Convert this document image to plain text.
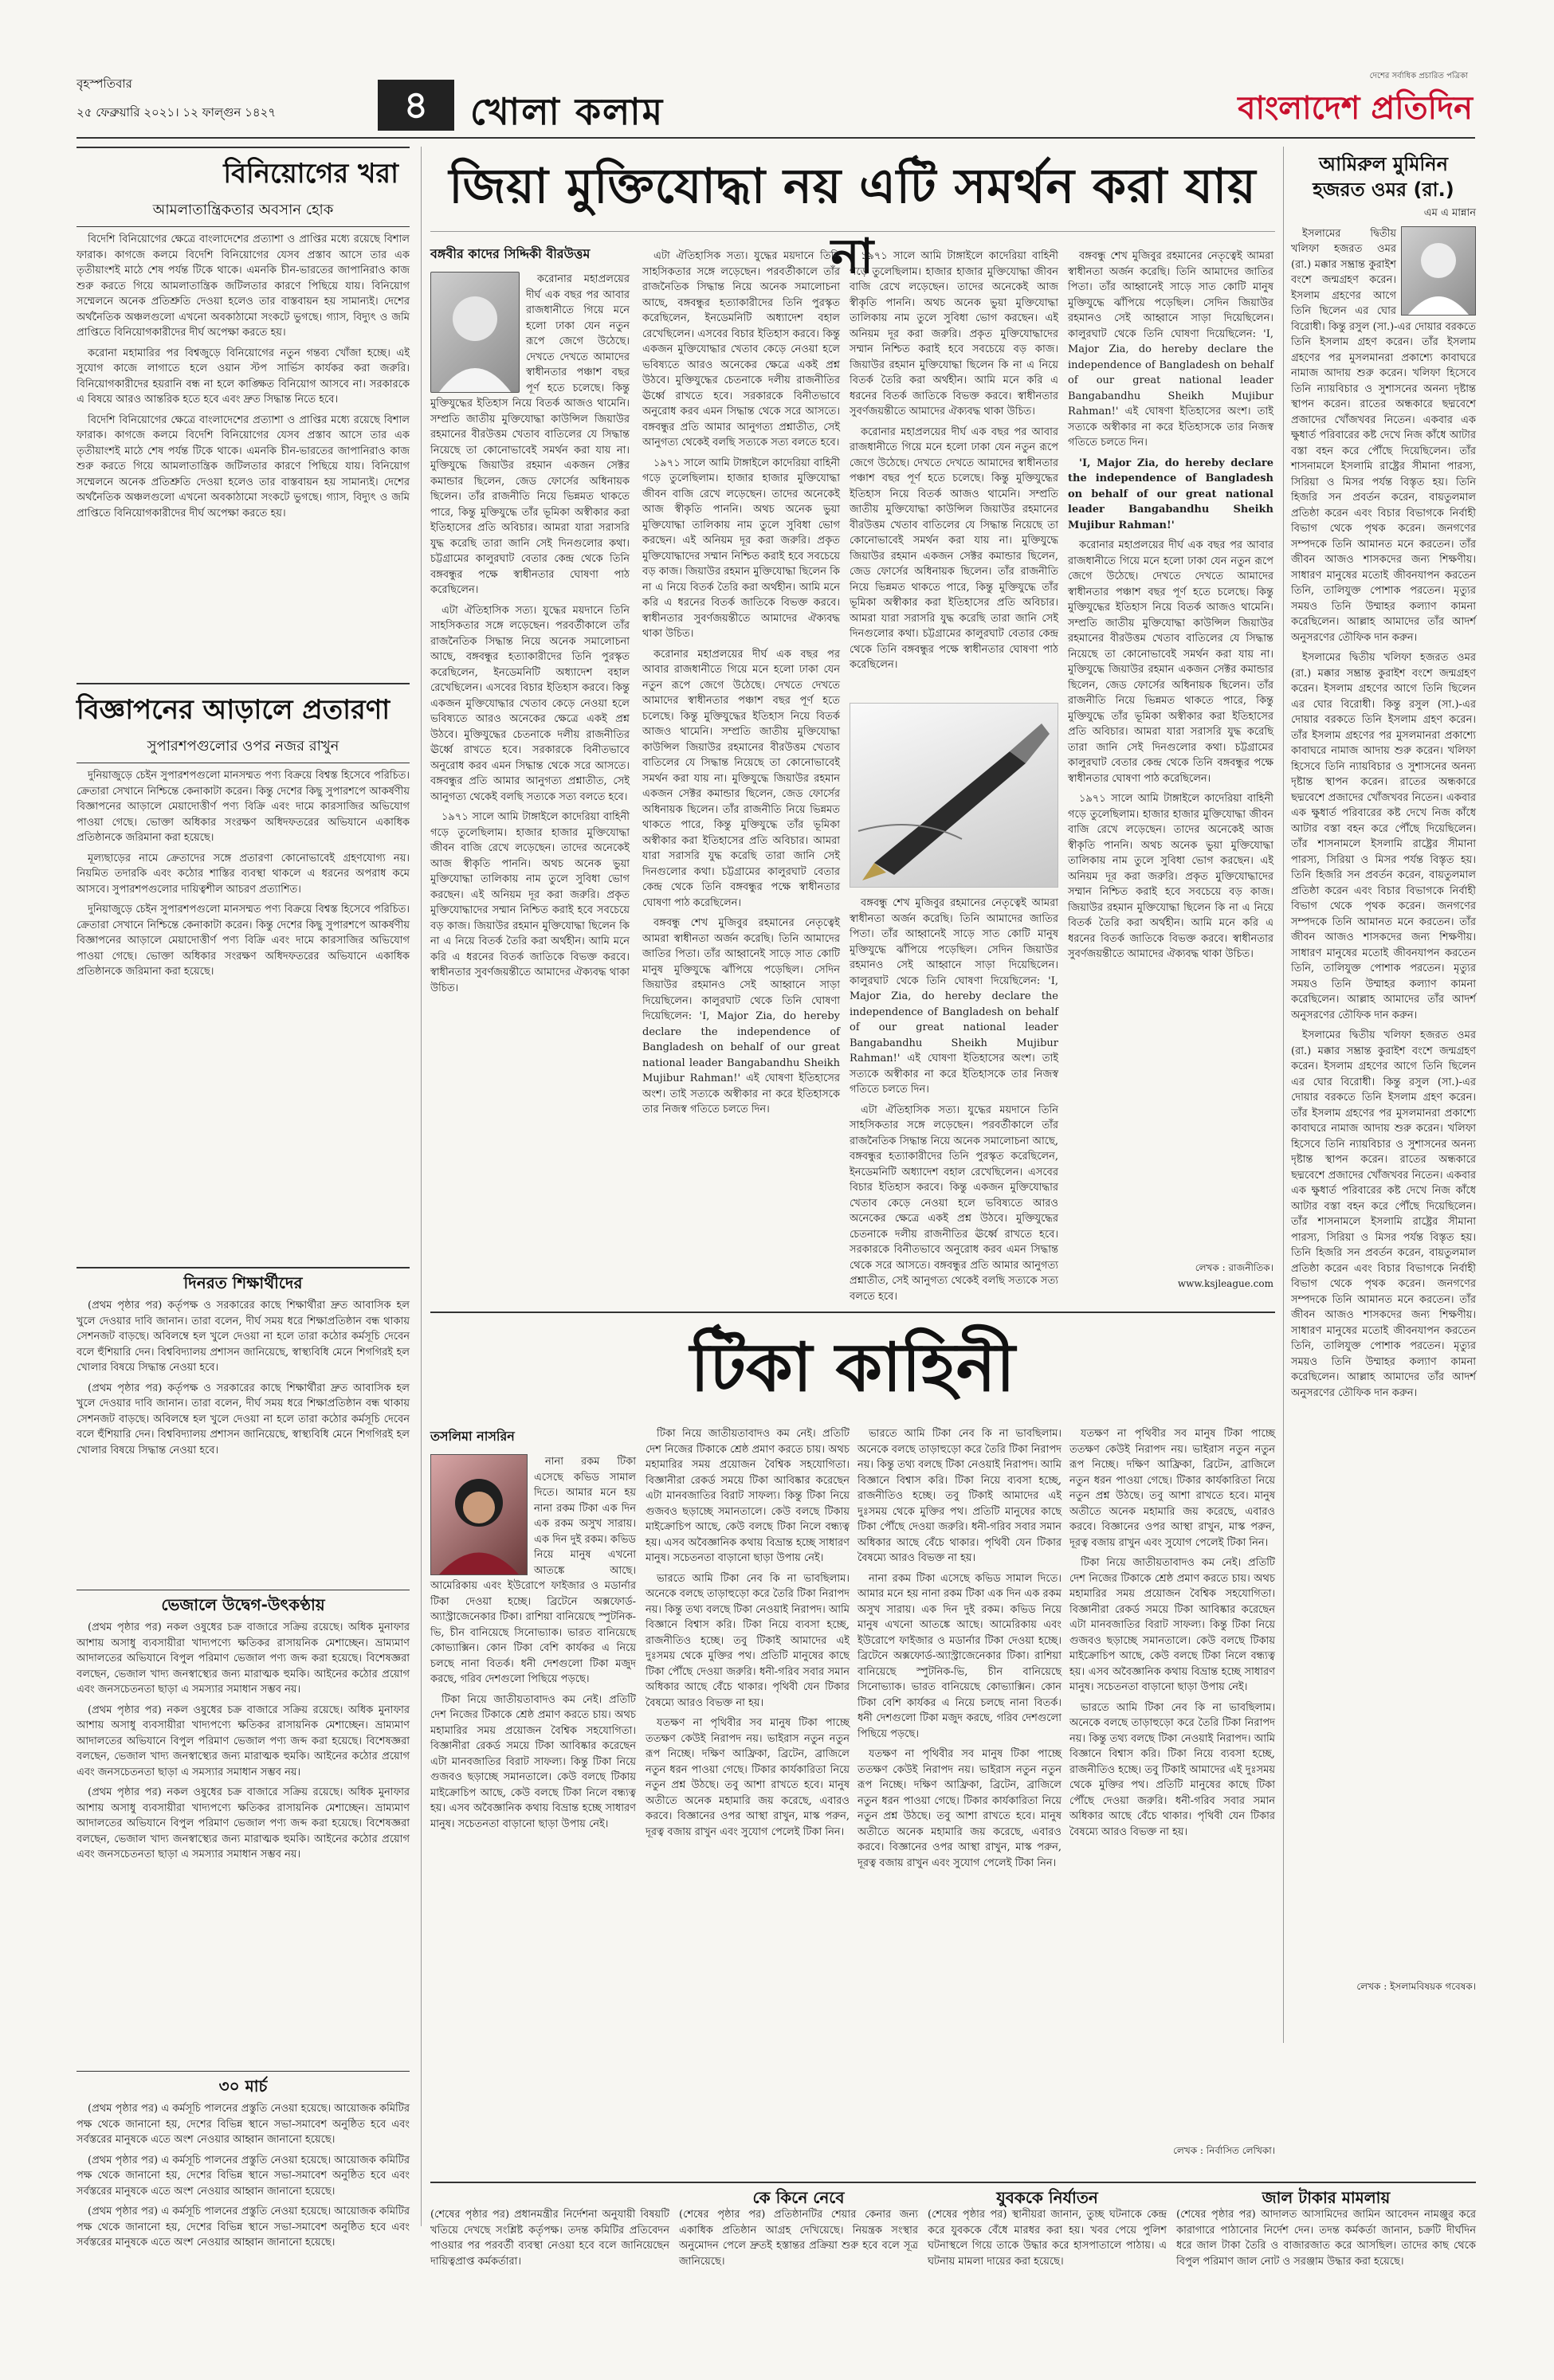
বৃহস্পতিবার
২৫ ফেব্রুয়ারি ২০২১। ১২ ফাল্গুন ১৪২৭	৪	খোলা কলাম
দেশের সর্বাধিক প্রচারিত পত্রিকা
বাংলাদেশ প্রতিদিন
বিনিয়োগের খরা
আমলাতান্ত্রিকতার অবসান হোক

বিদেশি বিনিয়োগের ক্ষেত্রে বাংলাদেশের প্রত্যাশা ও প্রাপ্তির মধ্যে রয়েছে বিশাল ফারাক। কাগজে কলমে বিদেশি বিনিয়োগের যেসব প্রস্তাব আসে তার এক তৃতীয়াংশই মাঠে শেষ পর্যন্ত টিকে থাকে। এমনকি চীন-ভারতের জাপানিরাও কাজ শুরু করতে গিয়ে আমলাতান্ত্রিক জটিলতার কারণে পিছিয়ে যায়। বিনিয়োগ সম্মেলনে অনেক প্রতিশ্রুতি দেওয়া হলেও তার বাস্তবায়ন হয় সামান্যই। দেশের অর্থনৈতিক অঞ্চলগুলো এখনো অবকাঠামো সংকটে ভুগছে। গ্যাস, বিদ্যুৎ ও জমি প্রাপ্তিতে বিনিয়োগকারীদের দীর্ঘ অপেক্ষা করতে হয়।

করোনা মহামারির পর বিশ্বজুড়ে বিনিয়োগের নতুন গন্তব্য খোঁজা হচ্ছে। এই সুযোগ কাজে লাগাতে হলে ওয়ান স্টপ সার্ভিস কার্যকর করা জরুরি। বিনিয়োগকারীদের হয়রানি বন্ধ না হলে কাঙ্ক্ষিত বিনিয়োগ আসবে না। সরকারকে এ বিষয়ে আরও আন্তরিক হতে হবে এবং দ্রুত সিদ্ধান্ত নিতে হবে।

বিদেশি বিনিয়োগের ক্ষেত্রে বাংলাদেশের প্রত্যাশা ও প্রাপ্তির মধ্যে রয়েছে বিশাল ফারাক। কাগজে কলমে বিদেশি বিনিয়োগের যেসব প্রস্তাব আসে তার এক তৃতীয়াংশই মাঠে শেষ পর্যন্ত টিকে থাকে। এমনকি চীন-ভারতের জাপানিরাও কাজ শুরু করতে গিয়ে আমলাতান্ত্রিক জটিলতার কারণে পিছিয়ে যায়। বিনিয়োগ সম্মেলনে অনেক প্রতিশ্রুতি দেওয়া হলেও তার বাস্তবায়ন হয় সামান্যই। দেশের অর্থনৈতিক অঞ্চলগুলো এখনো অবকাঠামো সংকটে ভুগছে। গ্যাস, বিদ্যুৎ ও জমি প্রাপ্তিতে বিনিয়োগকারীদের দীর্ঘ অপেক্ষা করতে হয়।

বিজ্ঞাপনের আড়ালে প্রতারণা
সুপারশপগুলোর ওপর নজর রাখুন

দুনিয়াজুড়ে চেইন সুপারশপগুলো মানসম্মত পণ্য বিক্রয়ে বিশ্বস্ত হিসেবে পরিচিত। ক্রেতারা সেখানে নিশ্চিন্তে কেনাকাটা করেন। কিন্তু দেশের কিছু সুপারশপে আকর্ষণীয় বিজ্ঞাপনের আড়ালে মেয়াদোত্তীর্ণ পণ্য বিক্রি এবং দামে কারসাজির অভিযোগ পাওয়া গেছে। ভোক্তা অধিকার সংরক্ষণ অধিদফতরের অভিযানে একাধিক প্রতিষ্ঠানকে জরিমানা করা হয়েছে।

মূল্যছাড়ের নামে ক্রেতাদের সঙ্গে প্রতারণা কোনোভাবেই গ্রহণযোগ্য নয়। নিয়মিত তদারকি এবং কঠোর শাস্তির ব্যবস্থা থাকলে এ ধরনের অপরাধ কমে আসবে। সুপারশপগুলোর দায়িত্বশীল আচরণ প্রত্যাশিত।

দুনিয়াজুড়ে চেইন সুপারশপগুলো মানসম্মত পণ্য বিক্রয়ে বিশ্বস্ত হিসেবে পরিচিত। ক্রেতারা সেখানে নিশ্চিন্তে কেনাকাটা করেন। কিন্তু দেশের কিছু সুপারশপে আকর্ষণীয় বিজ্ঞাপনের আড়ালে মেয়াদোত্তীর্ণ পণ্য বিক্রি এবং দামে কারসাজির অভিযোগ পাওয়া গেছে। ভোক্তা অধিকার সংরক্ষণ অধিদফতরের অভিযানে একাধিক প্রতিষ্ঠানকে জরিমানা করা হয়েছে।

দিনরত শিক্ষার্থীদের

(প্রথম পৃষ্ঠার পর) কর্তৃপক্ষ ও সরকারের কাছে শিক্ষার্থীরা দ্রুত আবাসিক হল খুলে দেওয়ার দাবি জানান। তারা বলেন, দীর্ঘ সময় ধরে শিক্ষাপ্রতিষ্ঠান বন্ধ থাকায় সেশনজট বাড়ছে। অবিলম্বে হল খুলে দেওয়া না হলে তারা কঠোর কর্মসূচি দেবেন বলে হুঁশিয়ারি দেন। বিশ্ববিদ্যালয় প্রশাসন জানিয়েছে, স্বাস্থ্যবিধি মেনে শিগগিরই হল খোলার বিষয়ে সিদ্ধান্ত নেওয়া হবে।

(প্রথম পৃষ্ঠার পর) কর্তৃপক্ষ ও সরকারের কাছে শিক্ষার্থীরা দ্রুত আবাসিক হল খুলে দেওয়ার দাবি জানান। তারা বলেন, দীর্ঘ সময় ধরে শিক্ষাপ্রতিষ্ঠান বন্ধ থাকায় সেশনজট বাড়ছে। অবিলম্বে হল খুলে দেওয়া না হলে তারা কঠোর কর্মসূচি দেবেন বলে হুঁশিয়ারি দেন। বিশ্ববিদ্যালয় প্রশাসন জানিয়েছে, স্বাস্থ্যবিধি মেনে শিগগিরই হল খোলার বিষয়ে সিদ্ধান্ত নেওয়া হবে।

ভেজালে উদ্বেগ-উৎকণ্ঠায়

(প্রথম পৃষ্ঠার পর) নকল ওষুধের চক্র বাজারে সক্রিয় রয়েছে। অধিক মুনাফার আশায় অসাধু ব্যবসায়ীরা খাদ্যপণ্যে ক্ষতিকর রাসায়নিক মেশাচ্ছেন। ভ্রাম্যমাণ আদালতের অভিযানে বিপুল পরিমাণ ভেজাল পণ্য জব্দ করা হয়েছে। বিশেষজ্ঞরা বলছেন, ভেজাল খাদ্য জনস্বাস্থ্যের জন্য মারাত্মক হুমকি। আইনের কঠোর প্রয়োগ এবং জনসচেতনতা ছাড়া এ সমস্যার সমাধান সম্ভব নয়।

(প্রথম পৃষ্ঠার পর) নকল ওষুধের চক্র বাজারে সক্রিয় রয়েছে। অধিক মুনাফার আশায় অসাধু ব্যবসায়ীরা খাদ্যপণ্যে ক্ষতিকর রাসায়নিক মেশাচ্ছেন। ভ্রাম্যমাণ আদালতের অভিযানে বিপুল পরিমাণ ভেজাল পণ্য জব্দ করা হয়েছে। বিশেষজ্ঞরা বলছেন, ভেজাল খাদ্য জনস্বাস্থ্যের জন্য মারাত্মক হুমকি। আইনের কঠোর প্রয়োগ এবং জনসচেতনতা ছাড়া এ সমস্যার সমাধান সম্ভব নয়।

(প্রথম পৃষ্ঠার পর) নকল ওষুধের চক্র বাজারে সক্রিয় রয়েছে। অধিক মুনাফার আশায় অসাধু ব্যবসায়ীরা খাদ্যপণ্যে ক্ষতিকর রাসায়নিক মেশাচ্ছেন। ভ্রাম্যমাণ আদালতের অভিযানে বিপুল পরিমাণ ভেজাল পণ্য জব্দ করা হয়েছে। বিশেষজ্ঞরা বলছেন, ভেজাল খাদ্য জনস্বাস্থ্যের জন্য মারাত্মক হুমকি। আইনের কঠোর প্রয়োগ এবং জনসচেতনতা ছাড়া এ সমস্যার সমাধান সম্ভব নয়।

৩০ মার্চ

(প্রথম পৃষ্ঠার পর) এ কর্মসূচি পালনের প্রস্তুতি নেওয়া হয়েছে। আয়োজক কমিটির পক্ষ থেকে জানানো হয়, দেশের বিভিন্ন স্থানে সভা-সমাবেশ অনুষ্ঠিত হবে এবং সর্বস্তরের মানুষকে এতে অংশ নেওয়ার আহ্বান জানানো হয়েছে।

(প্রথম পৃষ্ঠার পর) এ কর্মসূচি পালনের প্রস্তুতি নেওয়া হয়েছে। আয়োজক কমিটির পক্ষ থেকে জানানো হয়, দেশের বিভিন্ন স্থানে সভা-সমাবেশ অনুষ্ঠিত হবে এবং সর্বস্তরের মানুষকে এতে অংশ নেওয়ার আহ্বান জানানো হয়েছে।

(প্রথম পৃষ্ঠার পর) এ কর্মসূচি পালনের প্রস্তুতি নেওয়া হয়েছে। আয়োজক কমিটির পক্ষ থেকে জানানো হয়, দেশের বিভিন্ন স্থানে সভা-সমাবেশ অনুষ্ঠিত হবে এবং সর্বস্তরের মানুষকে এতে অংশ নেওয়ার আহ্বান জানানো হয়েছে।

জিয়া মুক্তিযোদ্ধা নয় এটি সমর্থন করা যায় না
বঙ্গবীর কাদের সিদ্দিকী বীরউত্তম

করোনার মহাপ্রলয়ের দীর্ঘ এক বছর পর আবার রাজধানীতে গিয়ে মনে হলো ঢাকা যেন নতুন রূপে জেগে উঠেছে। দেখতে দেখতে আমাদের স্বাধীনতার পঞ্চাশ বছর পূর্ণ হতে চলেছে। কিন্তু মুক্তিযুদ্ধের ইতিহাস নিয়ে বিতর্ক আজও থামেনি। সম্প্রতি জাতীয় মুক্তিযোদ্ধা কাউন্সিল জিয়াউর রহমানের বীরউত্তম খেতাব বাতিলের যে সিদ্ধান্ত নিয়েছে তা কোনোভাবেই সমর্থন করা যায় না। মুক্তিযুদ্ধে জিয়াউর রহমান একজন সেক্টর কমান্ডার ছিলেন, জেড ফোর্সের অধিনায়ক ছিলেন। তাঁর রাজনীতি নিয়ে ভিন্নমত থাকতে পারে, কিন্তু মুক্তিযুদ্ধে তাঁর ভূমিকা অস্বীকার করা ইতিহাসের প্রতি অবিচার। আমরা যারা সরাসরি যুদ্ধ করেছি তারা জানি সেই দিনগুলোর কথা। চট্টগ্রামের কালুরঘাট বেতার কেন্দ্র থেকে তিনি বঙ্গবন্ধুর পক্ষে স্বাধীনতার ঘোষণা পাঠ করেছিলেন।

এটা ঐতিহাসিক সত্য। যুদ্ধের ময়দানে তিনি সাহসিকতার সঙ্গে লড়েছেন। পরবর্তীকালে তাঁর রাজনৈতিক সিদ্ধান্ত নিয়ে অনেক সমালোচনা আছে, বঙ্গবন্ধুর হত্যাকারীদের তিনি পুরস্কৃত করেছিলেন, ইনডেমনিটি অধ্যাদেশ বহাল রেখেছিলেন। এসবের বিচার ইতিহাস করবে। কিন্তু একজন মুক্তিযোদ্ধার খেতাব কেড়ে নেওয়া হলে ভবিষ্যতে আরও অনেকের ক্ষেত্রে একই প্রশ্ন উঠবে। মুক্তিযুদ্ধের চেতনাকে দলীয় রাজনীতির ঊর্ধ্বে রাখতে হবে। সরকারকে বিনীতভাবে অনুরোধ করব এমন সিদ্ধান্ত থেকে সরে আসতে। বঙ্গবন্ধুর প্রতি আমার আনুগত্য প্রশ্নাতীত, সেই আনুগত্য থেকেই বলছি সত্যকে সত্য বলতে হবে।

১৯৭১ সালে আমি টাঙ্গাইলে কাদেরিয়া বাহিনী গড়ে তুলেছিলাম। হাজার হাজার মুক্তিযোদ্ধা জীবন বাজি রেখে লড়েছেন। তাদের অনেকেই আজ স্বীকৃতি পাননি। অথচ অনেক ভুয়া মুক্তিযোদ্ধা তালিকায় নাম তুলে সুবিধা ভোগ করছেন। এই অনিয়ম দূর করা জরুরি। প্রকৃত মুক্তিযোদ্ধাদের সম্মান নিশ্চিত করাই হবে সবচেয়ে বড় কাজ। জিয়াউর রহমান মুক্তিযোদ্ধা ছিলেন কি না এ নিয়ে বিতর্ক তৈরি করা অর্থহীন। আমি মনে করি এ ধরনের বিতর্ক জাতিকে বিভক্ত করবে। স্বাধীনতার সুবর্ণজয়ন্তীতে আমাদের ঐক্যবদ্ধ থাকা উচিত।

এটা ঐতিহাসিক সত্য। যুদ্ধের ময়দানে তিনি সাহসিকতার সঙ্গে লড়েছেন। পরবর্তীকালে তাঁর রাজনৈতিক সিদ্ধান্ত নিয়ে অনেক সমালোচনা আছে, বঙ্গবন্ধুর হত্যাকারীদের তিনি পুরস্কৃত করেছিলেন, ইনডেমনিটি অধ্যাদেশ বহাল রেখেছিলেন। এসবের বিচার ইতিহাস করবে। কিন্তু একজন মুক্তিযোদ্ধার খেতাব কেড়ে নেওয়া হলে ভবিষ্যতে আরও অনেকের ক্ষেত্রে একই প্রশ্ন উঠবে। মুক্তিযুদ্ধের চেতনাকে দলীয় রাজনীতির ঊর্ধ্বে রাখতে হবে। সরকারকে বিনীতভাবে অনুরোধ করব এমন সিদ্ধান্ত থেকে সরে আসতে। বঙ্গবন্ধুর প্রতি আমার আনুগত্য প্রশ্নাতীত, সেই আনুগত্য থেকেই বলছি সত্যকে সত্য বলতে হবে।

১৯৭১ সালে আমি টাঙ্গাইলে কাদেরিয়া বাহিনী গড়ে তুলেছিলাম। হাজার হাজার মুক্তিযোদ্ধা জীবন বাজি রেখে লড়েছেন। তাদের অনেকেই আজ স্বীকৃতি পাননি। অথচ অনেক ভুয়া মুক্তিযোদ্ধা তালিকায় নাম তুলে সুবিধা ভোগ করছেন। এই অনিয়ম দূর করা জরুরি। প্রকৃত মুক্তিযোদ্ধাদের সম্মান নিশ্চিত করাই হবে সবচেয়ে বড় কাজ। জিয়াউর রহমান মুক্তিযোদ্ধা ছিলেন কি না এ নিয়ে বিতর্ক তৈরি করা অর্থহীন। আমি মনে করি এ ধরনের বিতর্ক জাতিকে বিভক্ত করবে। স্বাধীনতার সুবর্ণজয়ন্তীতে আমাদের ঐক্যবদ্ধ থাকা উচিত।

করোনার মহাপ্রলয়ের দীর্ঘ এক বছর পর আবার রাজধানীতে গিয়ে মনে হলো ঢাকা যেন নতুন রূপে জেগে উঠেছে। দেখতে দেখতে আমাদের স্বাধীনতার পঞ্চাশ বছর পূর্ণ হতে চলেছে। কিন্তু মুক্তিযুদ্ধের ইতিহাস নিয়ে বিতর্ক আজও থামেনি। সম্প্রতি জাতীয় মুক্তিযোদ্ধা কাউন্সিল জিয়াউর রহমানের বীরউত্তম খেতাব বাতিলের যে সিদ্ধান্ত নিয়েছে তা কোনোভাবেই সমর্থন করা যায় না। মুক্তিযুদ্ধে জিয়াউর রহমান একজন সেক্টর কমান্ডার ছিলেন, জেড ফোর্সের অধিনায়ক ছিলেন। তাঁর রাজনীতি নিয়ে ভিন্নমত থাকতে পারে, কিন্তু মুক্তিযুদ্ধে তাঁর ভূমিকা অস্বীকার করা ইতিহাসের প্রতি অবিচার। আমরা যারা সরাসরি যুদ্ধ করেছি তারা জানি সেই দিনগুলোর কথা। চট্টগ্রামের কালুরঘাট বেতার কেন্দ্র থেকে তিনি বঙ্গবন্ধুর পক্ষে স্বাধীনতার ঘোষণা পাঠ করেছিলেন।

বঙ্গবন্ধু শেখ মুজিবুর রহমানের নেতৃত্বেই আমরা স্বাধীনতা অর্জন করেছি। তিনি আমাদের জাতির পিতা। তাঁর আহ্বানেই সাড়ে সাত কোটি মানুষ মুক্তিযুদ্ধে ঝাঁপিয়ে পড়েছিল। সেদিন জিয়াউর রহমানও সেই আহ্বানে সাড়া দিয়েছিলেন। কালুরঘাট থেকে তিনি ঘোষণা দিয়েছিলেন: 'I, Major Zia, do hereby declare the independence of Bangladesh on behalf of our great national leader Bangabandhu Sheikh Mujibur Rahman!' এই ঘোষণা ইতিহাসের অংশ। তাই সত্যকে অস্বীকার না করে ইতিহাসকে তার নিজস্ব গতিতে চলতে দিন।

১৯৭১ সালে আমি টাঙ্গাইলে কাদেরিয়া বাহিনী গড়ে তুলেছিলাম। হাজার হাজার মুক্তিযোদ্ধা জীবন বাজি রেখে লড়েছেন। তাদের অনেকেই আজ স্বীকৃতি পাননি। অথচ অনেক ভুয়া মুক্তিযোদ্ধা তালিকায় নাম তুলে সুবিধা ভোগ করছেন। এই অনিয়ম দূর করা জরুরি। প্রকৃত মুক্তিযোদ্ধাদের সম্মান নিশ্চিত করাই হবে সবচেয়ে বড় কাজ। জিয়াউর রহমান মুক্তিযোদ্ধা ছিলেন কি না এ নিয়ে বিতর্ক তৈরি করা অর্থহীন। আমি মনে করি এ ধরনের বিতর্ক জাতিকে বিভক্ত করবে। স্বাধীনতার সুবর্ণজয়ন্তীতে আমাদের ঐক্যবদ্ধ থাকা উচিত।

করোনার মহাপ্রলয়ের দীর্ঘ এক বছর পর আবার রাজধানীতে গিয়ে মনে হলো ঢাকা যেন নতুন রূপে জেগে উঠেছে। দেখতে দেখতে আমাদের স্বাধীনতার পঞ্চাশ বছর পূর্ণ হতে চলেছে। কিন্তু মুক্তিযুদ্ধের ইতিহাস নিয়ে বিতর্ক আজও থামেনি। সম্প্রতি জাতীয় মুক্তিযোদ্ধা কাউন্সিল জিয়াউর রহমানের বীরউত্তম খেতাব বাতিলের যে সিদ্ধান্ত নিয়েছে তা কোনোভাবেই সমর্থন করা যায় না। মুক্তিযুদ্ধে জিয়াউর রহমান একজন সেক্টর কমান্ডার ছিলেন, জেড ফোর্সের অধিনায়ক ছিলেন। তাঁর রাজনীতি নিয়ে ভিন্নমত থাকতে পারে, কিন্তু মুক্তিযুদ্ধে তাঁর ভূমিকা অস্বীকার করা ইতিহাসের প্রতি অবিচার। আমরা যারা সরাসরি যুদ্ধ করেছি তারা জানি সেই দিনগুলোর কথা। চট্টগ্রামের কালুরঘাট বেতার কেন্দ্র থেকে তিনি বঙ্গবন্ধুর পক্ষে স্বাধীনতার ঘোষণা পাঠ করেছিলেন।

বঙ্গবন্ধু শেখ মুজিবুর রহমানের নেতৃত্বেই আমরা স্বাধীনতা অর্জন করেছি। তিনি আমাদের জাতির পিতা। তাঁর আহ্বানেই সাড়ে সাত কোটি মানুষ মুক্তিযুদ্ধে ঝাঁপিয়ে পড়েছিল। সেদিন জিয়াউর রহমানও সেই আহ্বানে সাড়া দিয়েছিলেন। কালুরঘাট থেকে তিনি ঘোষণা দিয়েছিলেন: 'I, Major Zia, do hereby declare the independence of Bangladesh on behalf of our great national leader Bangabandhu Sheikh Mujibur Rahman!' এই ঘোষণা ইতিহাসের অংশ। তাই সত্যকে অস্বীকার না করে ইতিহাসকে তার নিজস্ব গতিতে চলতে দিন।

এটা ঐতিহাসিক সত্য। যুদ্ধের ময়দানে তিনি সাহসিকতার সঙ্গে লড়েছেন। পরবর্তীকালে তাঁর রাজনৈতিক সিদ্ধান্ত নিয়ে অনেক সমালোচনা আছে, বঙ্গবন্ধুর হত্যাকারীদের তিনি পুরস্কৃত করেছিলেন, ইনডেমনিটি অধ্যাদেশ বহাল রেখেছিলেন। এসবের বিচার ইতিহাস করবে। কিন্তু একজন মুক্তিযোদ্ধার খেতাব কেড়ে নেওয়া হলে ভবিষ্যতে আরও অনেকের ক্ষেত্রে একই প্রশ্ন উঠবে। মুক্তিযুদ্ধের চেতনাকে দলীয় রাজনীতির ঊর্ধ্বে রাখতে হবে। সরকারকে বিনীতভাবে অনুরোধ করব এমন সিদ্ধান্ত থেকে সরে আসতে। বঙ্গবন্ধুর প্রতি আমার আনুগত্য প্রশ্নাতীত, সেই আনুগত্য থেকেই বলছি সত্যকে সত্য বলতে হবে।

বঙ্গবন্ধু শেখ মুজিবুর রহমানের নেতৃত্বেই আমরা স্বাধীনতা অর্জন করেছি। তিনি আমাদের জাতির পিতা। তাঁর আহ্বানেই সাড়ে সাত কোটি মানুষ মুক্তিযুদ্ধে ঝাঁপিয়ে পড়েছিল। সেদিন জিয়াউর রহমানও সেই আহ্বানে সাড়া দিয়েছিলেন। কালুরঘাট থেকে তিনি ঘোষণা দিয়েছিলেন: 'I, Major Zia, do hereby declare the independence of Bangladesh on behalf of our great national leader Bangabandhu Sheikh Mujibur Rahman!' এই ঘোষণা ইতিহাসের অংশ। তাই সত্যকে অস্বীকার না করে ইতিহাসকে তার নিজস্ব গতিতে চলতে দিন।

'I, Major Zia, do hereby declare the independence of Bangladesh on behalf of our great national leader Bangabandhu Sheikh Mujibur Rahman!'

করোনার মহাপ্রলয়ের দীর্ঘ এক বছর পর আবার রাজধানীতে গিয়ে মনে হলো ঢাকা যেন নতুন রূপে জেগে উঠেছে। দেখতে দেখতে আমাদের স্বাধীনতার পঞ্চাশ বছর পূর্ণ হতে চলেছে। কিন্তু মুক্তিযুদ্ধের ইতিহাস নিয়ে বিতর্ক আজও থামেনি। সম্প্রতি জাতীয় মুক্তিযোদ্ধা কাউন্সিল জিয়াউর রহমানের বীরউত্তম খেতাব বাতিলের যে সিদ্ধান্ত নিয়েছে তা কোনোভাবেই সমর্থন করা যায় না। মুক্তিযুদ্ধে জিয়াউর রহমান একজন সেক্টর কমান্ডার ছিলেন, জেড ফোর্সের অধিনায়ক ছিলেন। তাঁর রাজনীতি নিয়ে ভিন্নমত থাকতে পারে, কিন্তু মুক্তিযুদ্ধে তাঁর ভূমিকা অস্বীকার করা ইতিহাসের প্রতি অবিচার। আমরা যারা সরাসরি যুদ্ধ করেছি তারা জানি সেই দিনগুলোর কথা। চট্টগ্রামের কালুরঘাট বেতার কেন্দ্র থেকে তিনি বঙ্গবন্ধুর পক্ষে স্বাধীনতার ঘোষণা পাঠ করেছিলেন।

১৯৭১ সালে আমি টাঙ্গাইলে কাদেরিয়া বাহিনী গড়ে তুলেছিলাম। হাজার হাজার মুক্তিযোদ্ধা জীবন বাজি রেখে লড়েছেন। তাদের অনেকেই আজ স্বীকৃতি পাননি। অথচ অনেক ভুয়া মুক্তিযোদ্ধা তালিকায় নাম তুলে সুবিধা ভোগ করছেন। এই অনিয়ম দূর করা জরুরি। প্রকৃত মুক্তিযোদ্ধাদের সম্মান নিশ্চিত করাই হবে সবচেয়ে বড় কাজ। জিয়াউর রহমান মুক্তিযোদ্ধা ছিলেন কি না এ নিয়ে বিতর্ক তৈরি করা অর্থহীন। আমি মনে করি এ ধরনের বিতর্ক জাতিকে বিভক্ত করবে। স্বাধীনতার সুবর্ণজয়ন্তীতে আমাদের ঐক্যবদ্ধ থাকা উচিত।

লেখক : রাজনীতিক।
www.ksjleague.com
আমিরুল মুমিনিন হজরত ওমর (রা.)
এম এ মান্নান

ইসলামের দ্বিতীয় খলিফা হজরত ওমর (রা.) মক্কার সম্ভ্রান্ত কুরাইশ বংশে জন্মগ্রহণ করেন। ইসলাম গ্রহণের আগে তিনি ছিলেন এর ঘোর বিরোধী। কিন্তু রসুল (সা.)-এর দোয়ার বরকতে তিনি ইসলাম গ্রহণ করেন। তাঁর ইসলাম গ্রহণের পর মুসলমানরা প্রকাশ্যে কাবাঘরে নামাজ আদায় শুরু করেন। খলিফা হিসেবে তিনি ন্যায়বিচার ও সুশাসনের অনন্য দৃষ্টান্ত স্থাপন করেন। রাতের অন্ধকারে ছদ্মবেশে প্রজাদের খোঁজখবর নিতেন। একবার এক ক্ষুধার্ত পরিবারের কষ্ট দেখে নিজ কাঁধে আটার বস্তা বহন করে পৌঁছে দিয়েছিলেন। তাঁর শাসনামলে ইসলামি রাষ্ট্রের সীমানা পারস্য, সিরিয়া ও মিসর পর্যন্ত বিস্তৃত হয়। তিনি হিজরি সন প্রবর্তন করেন, বায়তুলমাল প্রতিষ্ঠা করেন এবং বিচার বিভাগকে নির্বাহী বিভাগ থেকে পৃথক করেন। জনগণের সম্পদকে তিনি আমানত মনে করতেন। তাঁর জীবন আজও শাসকদের জন্য শিক্ষণীয়। সাধারণ মানুষের মতোই জীবনযাপন করতেন তিনি, তালিযুক্ত পোশাক পরতেন। মৃত্যুর সময়ও তিনি উম্মাহর কল্যাণ কামনা করেছিলেন। আল্লাহ আমাদের তাঁর আদর্শ অনুসরণের তৌফিক দান করুন।

ইসলামের দ্বিতীয় খলিফা হজরত ওমর (রা.) মক্কার সম্ভ্রান্ত কুরাইশ বংশে জন্মগ্রহণ করেন। ইসলাম গ্রহণের আগে তিনি ছিলেন এর ঘোর বিরোধী। কিন্তু রসুল (সা.)-এর দোয়ার বরকতে তিনি ইসলাম গ্রহণ করেন। তাঁর ইসলাম গ্রহণের পর মুসলমানরা প্রকাশ্যে কাবাঘরে নামাজ আদায় শুরু করেন। খলিফা হিসেবে তিনি ন্যায়বিচার ও সুশাসনের অনন্য দৃষ্টান্ত স্থাপন করেন। রাতের অন্ধকারে ছদ্মবেশে প্রজাদের খোঁজখবর নিতেন। একবার এক ক্ষুধার্ত পরিবারের কষ্ট দেখে নিজ কাঁধে আটার বস্তা বহন করে পৌঁছে দিয়েছিলেন। তাঁর শাসনামলে ইসলামি রাষ্ট্রের সীমানা পারস্য, সিরিয়া ও মিসর পর্যন্ত বিস্তৃত হয়। তিনি হিজরি সন প্রবর্তন করেন, বায়তুলমাল প্রতিষ্ঠা করেন এবং বিচার বিভাগকে নির্বাহী বিভাগ থেকে পৃথক করেন। জনগণের সম্পদকে তিনি আমানত মনে করতেন। তাঁর জীবন আজও শাসকদের জন্য শিক্ষণীয়। সাধারণ মানুষের মতোই জীবনযাপন করতেন তিনি, তালিযুক্ত পোশাক পরতেন। মৃত্যুর সময়ও তিনি উম্মাহর কল্যাণ কামনা করেছিলেন। আল্লাহ আমাদের তাঁর আদর্শ অনুসরণের তৌফিক দান করুন।

ইসলামের দ্বিতীয় খলিফা হজরত ওমর (রা.) মক্কার সম্ভ্রান্ত কুরাইশ বংশে জন্মগ্রহণ করেন। ইসলাম গ্রহণের আগে তিনি ছিলেন এর ঘোর বিরোধী। কিন্তু রসুল (সা.)-এর দোয়ার বরকতে তিনি ইসলাম গ্রহণ করেন। তাঁর ইসলাম গ্রহণের পর মুসলমানরা প্রকাশ্যে কাবাঘরে নামাজ আদায় শুরু করেন। খলিফা হিসেবে তিনি ন্যায়বিচার ও সুশাসনের অনন্য দৃষ্টান্ত স্থাপন করেন। রাতের অন্ধকারে ছদ্মবেশে প্রজাদের খোঁজখবর নিতেন। একবার এক ক্ষুধার্ত পরিবারের কষ্ট দেখে নিজ কাঁধে আটার বস্তা বহন করে পৌঁছে দিয়েছিলেন। তাঁর শাসনামলে ইসলামি রাষ্ট্রের সীমানা পারস্য, সিরিয়া ও মিসর পর্যন্ত বিস্তৃত হয়। তিনি হিজরি সন প্রবর্তন করেন, বায়তুলমাল প্রতিষ্ঠা করেন এবং বিচার বিভাগকে নির্বাহী বিভাগ থেকে পৃথক করেন। জনগণের সম্পদকে তিনি আমানত মনে করতেন। তাঁর জীবন আজও শাসকদের জন্য শিক্ষণীয়। সাধারণ মানুষের মতোই জীবনযাপন করতেন তিনি, তালিযুক্ত পোশাক পরতেন। মৃত্যুর সময়ও তিনি উম্মাহর কল্যাণ কামনা করেছিলেন। আল্লাহ আমাদের তাঁর আদর্শ অনুসরণের তৌফিক দান করুন।

লেখক : ইসলামবিষয়ক গবেষক।
টিকা কাহিনী
তসলিমা নাসরিন

নানা রকম টিকা এসেছে কভিড সামাল দিতে। আমার মনে হয় নানা রকম টিকা এক দিন এক রকম অসুখ সারায়। এক দিন দুই রকম। কভিড নিয়ে মানুষ এখনো আতঙ্কে আছে। আমেরিকায় এবং ইউরোপে ফাইজার ও মডার্নার টিকা দেওয়া হচ্ছে। ব্রিটেনে অক্সফোর্ড-অ্যাস্ট্রাজেনেকার টিকা। রাশিয়া বানিয়েছে স্পুটনিক-ভি, চীন বানিয়েছে সিনোভ্যাক। ভারত বানিয়েছে কোভ্যাক্সিন। কোন টিকা বেশি কার্যকর এ নিয়ে চলছে নানা বিতর্ক। ধনী দেশগুলো টিকা মজুদ করছে, গরিব দেশগুলো পিছিয়ে পড়ছে।

টিকা নিয়ে জাতীয়তাবাদও কম নেই। প্রতিটি দেশ নিজের টিকাকে শ্রেষ্ঠ প্রমাণ করতে চায়। অথচ মহামারির সময় প্রয়োজন বৈশ্বিক সহযোগিতা। বিজ্ঞানীরা রেকর্ড সময়ে টিকা আবিষ্কার করেছেন এটা মানবজাতির বিরাট সাফল্য। কিন্তু টিকা নিয়ে গুজবও ছড়াচ্ছে সমানতালে। কেউ বলছে টিকায় মাইক্রোচিপ আছে, কেউ বলছে টিকা নিলে বন্ধ্যত্ব হয়। এসব অবৈজ্ঞানিক কথায় বিভ্রান্ত হচ্ছে সাধারণ মানুষ। সচেতনতা বাড়ানো ছাড়া উপায় নেই।

টিকা নিয়ে জাতীয়তাবাদও কম নেই। প্রতিটি দেশ নিজের টিকাকে শ্রেষ্ঠ প্রমাণ করতে চায়। অথচ মহামারির সময় প্রয়োজন বৈশ্বিক সহযোগিতা। বিজ্ঞানীরা রেকর্ড সময়ে টিকা আবিষ্কার করেছেন এটা মানবজাতির বিরাট সাফল্য। কিন্তু টিকা নিয়ে গুজবও ছড়াচ্ছে সমানতালে। কেউ বলছে টিকায় মাইক্রোচিপ আছে, কেউ বলছে টিকা নিলে বন্ধ্যত্ব হয়। এসব অবৈজ্ঞানিক কথায় বিভ্রান্ত হচ্ছে সাধারণ মানুষ। সচেতনতা বাড়ানো ছাড়া উপায় নেই।

ভারতে আমি টিকা নেব কি না ভাবছিলাম। অনেকে বলছে তাড়াহুড়ো করে তৈরি টিকা নিরাপদ নয়। কিন্তু তথ্য বলছে টিকা নেওয়াই নিরাপদ। আমি বিজ্ঞানে বিশ্বাস করি। টিকা নিয়ে ব্যবসা হচ্ছে, রাজনীতিও হচ্ছে। তবু টিকাই আমাদের এই দুঃসময় থেকে মুক্তির পথ। প্রতিটি মানুষের কাছে টিকা পৌঁছে দেওয়া জরুরি। ধনী-গরিব সবার সমান অধিকার আছে বেঁচে থাকার। পৃথিবী যেন টিকার বৈষম্যে আরও বিভক্ত না হয়।

যতক্ষণ না পৃথিবীর সব মানুষ টিকা পাচ্ছে ততক্ষণ কেউই নিরাপদ নয়। ভাইরাস নতুন নতুন রূপ নিচ্ছে। দক্ষিণ আফ্রিকা, ব্রিটেন, ব্রাজিলে নতুন ধরন পাওয়া গেছে। টিকার কার্যকারিতা নিয়ে নতুন প্রশ্ন উঠছে। তবু আশা রাখতে হবে। মানুষ অতীতে অনেক মহামারি জয় করেছে, এবারও করবে। বিজ্ঞানের ওপর আস্থা রাখুন, মাস্ক পরুন, দূরত্ব বজায় রাখুন এবং সুযোগ পেলেই টিকা নিন।

ভারতে আমি টিকা নেব কি না ভাবছিলাম। অনেকে বলছে তাড়াহুড়ো করে তৈরি টিকা নিরাপদ নয়। কিন্তু তথ্য বলছে টিকা নেওয়াই নিরাপদ। আমি বিজ্ঞানে বিশ্বাস করি। টিকা নিয়ে ব্যবসা হচ্ছে, রাজনীতিও হচ্ছে। তবু টিকাই আমাদের এই দুঃসময় থেকে মুক্তির পথ। প্রতিটি মানুষের কাছে টিকা পৌঁছে দেওয়া জরুরি। ধনী-গরিব সবার সমান অধিকার আছে বেঁচে থাকার। পৃথিবী যেন টিকার বৈষম্যে আরও বিভক্ত না হয়।

নানা রকম টিকা এসেছে কভিড সামাল দিতে। আমার মনে হয় নানা রকম টিকা এক দিন এক রকম অসুখ সারায়। এক দিন দুই রকম। কভিড নিয়ে মানুষ এখনো আতঙ্কে আছে। আমেরিকায় এবং ইউরোপে ফাইজার ও মডার্নার টিকা দেওয়া হচ্ছে। ব্রিটেনে অক্সফোর্ড-অ্যাস্ট্রাজেনেকার টিকা। রাশিয়া বানিয়েছে স্পুটনিক-ভি, চীন বানিয়েছে সিনোভ্যাক। ভারত বানিয়েছে কোভ্যাক্সিন। কোন টিকা বেশি কার্যকর এ নিয়ে চলছে নানা বিতর্ক। ধনী দেশগুলো টিকা মজুদ করছে, গরিব দেশগুলো পিছিয়ে পড়ছে।

যতক্ষণ না পৃথিবীর সব মানুষ টিকা পাচ্ছে ততক্ষণ কেউই নিরাপদ নয়। ভাইরাস নতুন নতুন রূপ নিচ্ছে। দক্ষিণ আফ্রিকা, ব্রিটেন, ব্রাজিলে নতুন ধরন পাওয়া গেছে। টিকার কার্যকারিতা নিয়ে নতুন প্রশ্ন উঠছে। তবু আশা রাখতে হবে। মানুষ অতীতে অনেক মহামারি জয় করেছে, এবারও করবে। বিজ্ঞানের ওপর আস্থা রাখুন, মাস্ক পরুন, দূরত্ব বজায় রাখুন এবং সুযোগ পেলেই টিকা নিন।

যতক্ষণ না পৃথিবীর সব মানুষ টিকা পাচ্ছে ততক্ষণ কেউই নিরাপদ নয়। ভাইরাস নতুন নতুন রূপ নিচ্ছে। দক্ষিণ আফ্রিকা, ব্রিটেন, ব্রাজিলে নতুন ধরন পাওয়া গেছে। টিকার কার্যকারিতা নিয়ে নতুন প্রশ্ন উঠছে। তবু আশা রাখতে হবে। মানুষ অতীতে অনেক মহামারি জয় করেছে, এবারও করবে। বিজ্ঞানের ওপর আস্থা রাখুন, মাস্ক পরুন, দূরত্ব বজায় রাখুন এবং সুযোগ পেলেই টিকা নিন।

টিকা নিয়ে জাতীয়তাবাদও কম নেই। প্রতিটি দেশ নিজের টিকাকে শ্রেষ্ঠ প্রমাণ করতে চায়। অথচ মহামারির সময় প্রয়োজন বৈশ্বিক সহযোগিতা। বিজ্ঞানীরা রেকর্ড সময়ে টিকা আবিষ্কার করেছেন এটা মানবজাতির বিরাট সাফল্য। কিন্তু টিকা নিয়ে গুজবও ছড়াচ্ছে সমানতালে। কেউ বলছে টিকায় মাইক্রোচিপ আছে, কেউ বলছে টিকা নিলে বন্ধ্যত্ব হয়। এসব অবৈজ্ঞানিক কথায় বিভ্রান্ত হচ্ছে সাধারণ মানুষ। সচেতনতা বাড়ানো ছাড়া উপায় নেই।

ভারতে আমি টিকা নেব কি না ভাবছিলাম। অনেকে বলছে তাড়াহুড়ো করে তৈরি টিকা নিরাপদ নয়। কিন্তু তথ্য বলছে টিকা নেওয়াই নিরাপদ। আমি বিজ্ঞানে বিশ্বাস করি। টিকা নিয়ে ব্যবসা হচ্ছে, রাজনীতিও হচ্ছে। তবু টিকাই আমাদের এই দুঃসময় থেকে মুক্তির পথ। প্রতিটি মানুষের কাছে টিকা পৌঁছে দেওয়া জরুরি। ধনী-গরিব সবার সমান অধিকার আছে বেঁচে থাকার। পৃথিবী যেন টিকার বৈষম্যে আরও বিভক্ত না হয়।

লেখক : নির্বাসিত লেখিকা।
(শেষের পৃষ্ঠার পর) প্রধানমন্ত্রীর নির্দেশনা অনুযায়ী বিষয়টি খতিয়ে দেখছে সংশ্লিষ্ট কর্তৃপক্ষ। তদন্ত কমিটির প্রতিবেদন পাওয়ার পর পরবর্তী ব্যবস্থা নেওয়া হবে বলে জানিয়েছেন দায়িত্বপ্রাপ্ত কর্মকর্তারা।
কে কিনে নেবে
(শেষের পৃষ্ঠার পর) প্রতিষ্ঠানটির শেয়ার কেনার জন্য একাধিক প্রতিষ্ঠান আগ্রহ দেখিয়েছে। নিয়ন্ত্রক সংস্থার অনুমোদন পেলে দ্রুতই হস্তান্তর প্রক্রিয়া শুরু হবে বলে সূত্র জানিয়েছে।
যুবককে নির্যাতন
(শেষের পৃষ্ঠার পর) স্থানীয়রা জানান, তুচ্ছ ঘটনাকে কেন্দ্র করে যুবককে বেঁধে মারধর করা হয়। খবর পেয়ে পুলিশ ঘটনাস্থলে গিয়ে তাকে উদ্ধার করে হাসপাতালে পাঠায়। এ ঘটনায় মামলা দায়ের করা হয়েছে।
জাল টাকার মামলায়
(শেষের পৃষ্ঠার পর) আদালত আসামিদের জামিন আবেদন নামঞ্জুর করে কারাগারে পাঠানোর নির্দেশ দেন। তদন্ত কর্মকর্তা জানান, চক্রটি দীর্ঘদিন ধরে জাল টাকা তৈরি ও বাজারজাত করে আসছিল। তাদের কাছ থেকে বিপুল পরিমাণ জাল নোট ও সরঞ্জাম উদ্ধার করা হয়েছে।
